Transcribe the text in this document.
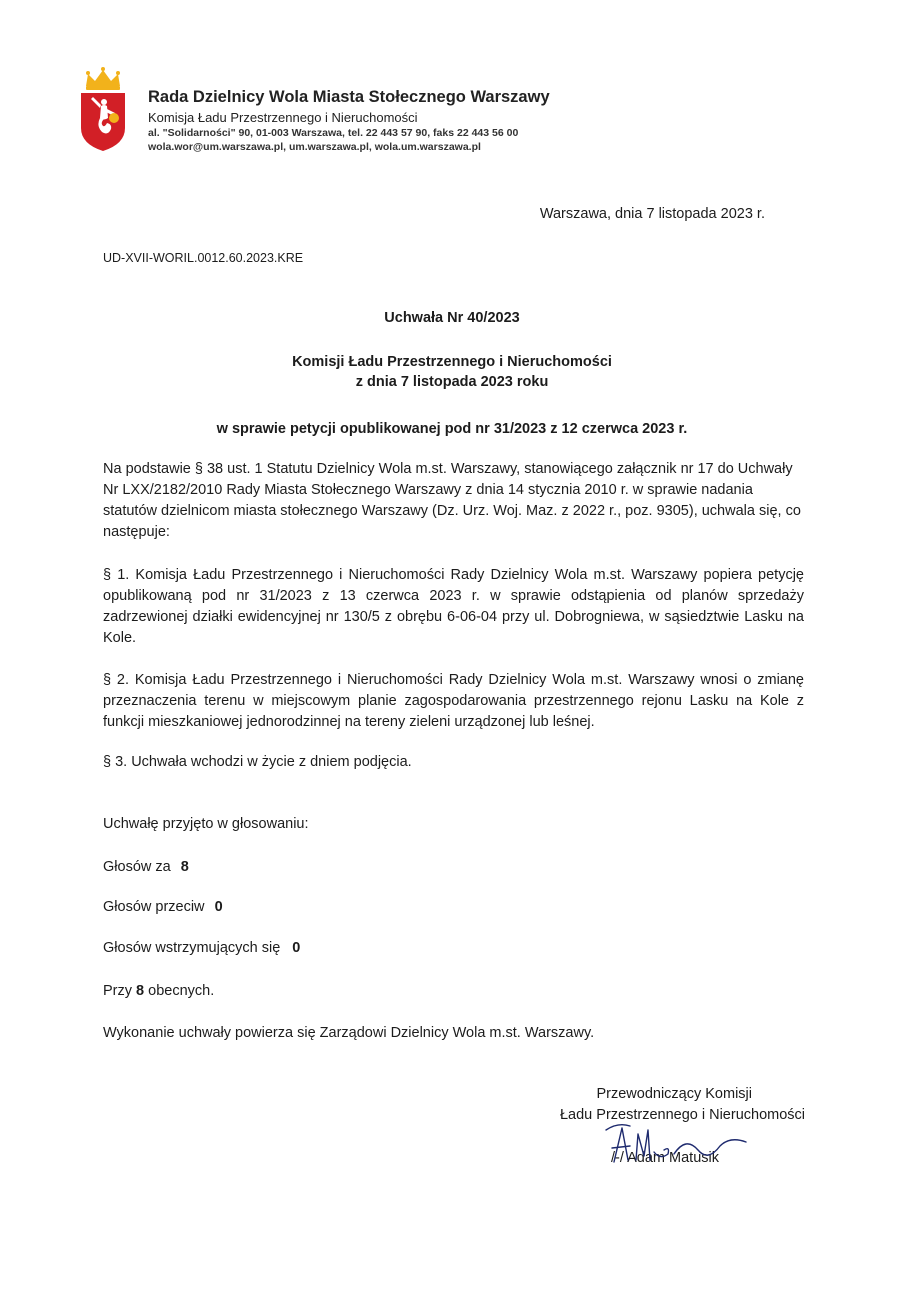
Rada Dzielnicy Wola Miasta Stołecznego Warszawy
Komisja Ładu Przestrzennego i Nieruchomości
al. "Solidarności" 90, 01-003 Warszawa, tel. 22 443 57 90, faks 22 443 56 00
wola.wor@um.warszawa.pl, um.warszawa.pl, wola.um.warszawa.pl
Warszawa, dnia 7 listopada 2023 r.
UD-XVII-WORIL.0012.60.2023.KRE
Uchwała Nr 40/2023
Komisji Ładu Przestrzennego i Nieruchomości
z dnia 7 listopada 2023 roku
w sprawie petycji opublikowanej pod nr 31/2023 z 12 czerwca 2023 r.
Na podstawie § 38 ust. 1 Statutu Dzielnicy Wola m.st. Warszawy, stanowiącego załącznik nr 17 do Uchwały Nr LXX/2182/2010 Rady Miasta Stołecznego Warszawy z dnia 14 stycznia 2010 r. w sprawie nadania statutów dzielnicom miasta stołecznego Warszawy (Dz. Urz. Woj. Maz. z 2022 r., poz. 9305), uchwala się, co następuje:
§ 1. Komisja Ładu Przestrzennego i Nieruchomości Rady Dzielnicy Wola m.st. Warszawy popiera petycję opublikowaną pod nr 31/2023 z 13 czerwca 2023 r. w sprawie odstąpienia od planów sprzedaży zadrzewionej działki ewidencyjnej nr 130/5 z obrębu 6-06-04 przy ul. Dobrogniewa, w sąsiedztwie Lasku na Kole.
§ 2. Komisja Ładu Przestrzennego i Nieruchomości Rady Dzielnicy Wola m.st. Warszawy wnosi o zmianę przeznaczenia terenu w miejscowym planie zagospodarowania przestrzennego rejonu Lasku na Kole z funkcji mieszkaniowej jednorodzinnej na tereny zieleni urządzonej lub leśnej.
§ 3. Uchwała wchodzi w życie z dniem podjęcia.
Uchwałę przyjęto w głosowaniu:
Głosów za 8
Głosów przeciw 0
Głosów wstrzymujących się 0
Przy 8 obecnych.
Wykonanie uchwały powierza się Zarządowi Dzielnicy Wola m.st. Warszawy.
Przewodniczący Komisji
Ładu Przestrzennego i Nieruchomości
/-/ Adam Matusik
